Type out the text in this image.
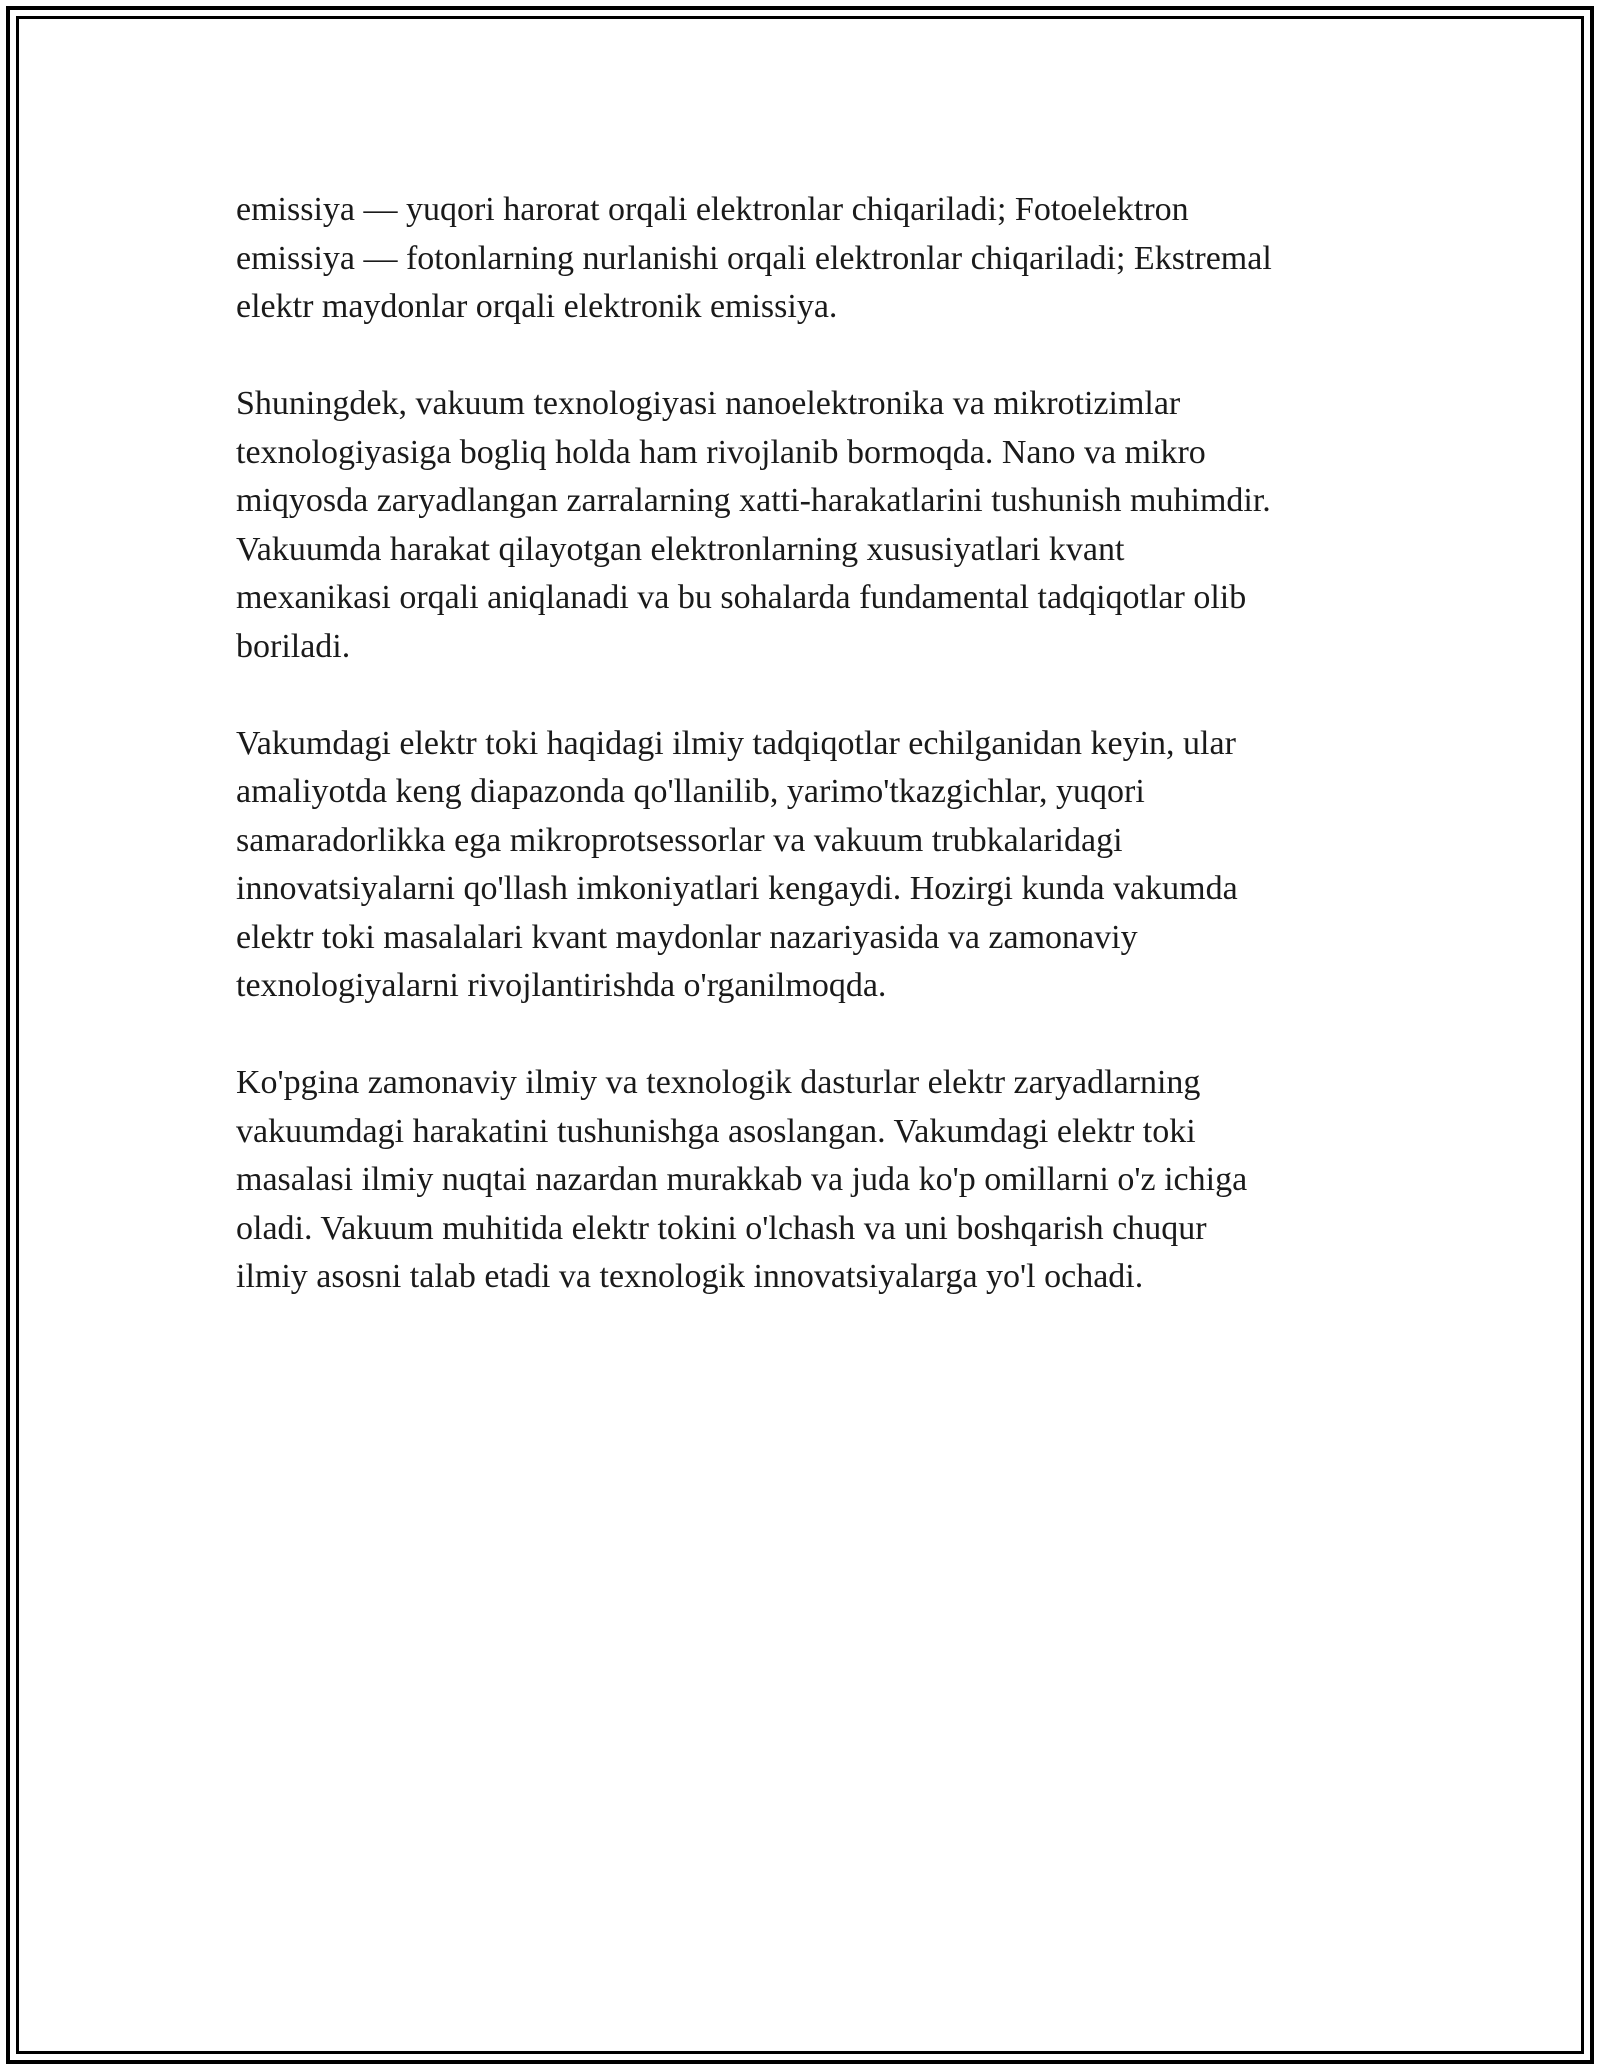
emissiya — yuqori harorat orqali elektronlar chiqariladi; Fotoelektron
emissiya — fotonlarning nurlanishi orqali elektronlar chiqariladi; Ekstremal
elektr maydonlar orqali elektronik emissiya.

Shuningdek, vakuum texnologiyasi nanoelektronika va mikrotizimlar
texnologiyasiga bogliq holda ham rivojlanib bormoqda. Nano va mikro
miqyosda zaryadlangan zarralarning xatti-harakatlarini tushunish muhimdir.
Vakuumda harakat qilayotgan elektronlarning xususiyatlari kvant
mexanikasi orqali aniqlanadi va bu sohalarda fundamental tadqiqotlar olib
boriladi.

Vakumdagi elektr toki haqidagi ilmiy tadqiqotlar echilganidan keyin, ular
amaliyotda keng diapazonda qo'llanilib, yarimo'tkazgichlar, yuqori
samaradorlikka ega mikroprotsessorlar va vakuum trubkalaridagi
innovatsiyalarni qo'llash imkoniyatlari kengaydi. Hozirgi kunda vakumda
elektr toki masalalari kvant maydonlar nazariyasida va zamonaviy
texnologiyalarni rivojlantirishda o'rganilmoqda.

Ko'pgina zamonaviy ilmiy va texnologik dasturlar elektr zaryadlarning
vakuumdagi harakatini tushunishga asoslangan. Vakumdagi elektr toki
masalasi ilmiy nuqtai nazardan murakkab va juda ko'p omillarni o'z ichiga
oladi. Vakuum muhitida elektr tokini o'lchash va uni boshqarish chuqur
ilmiy asosni talab etadi va texnologik innovatsiyalarga yo'l ochadi.
